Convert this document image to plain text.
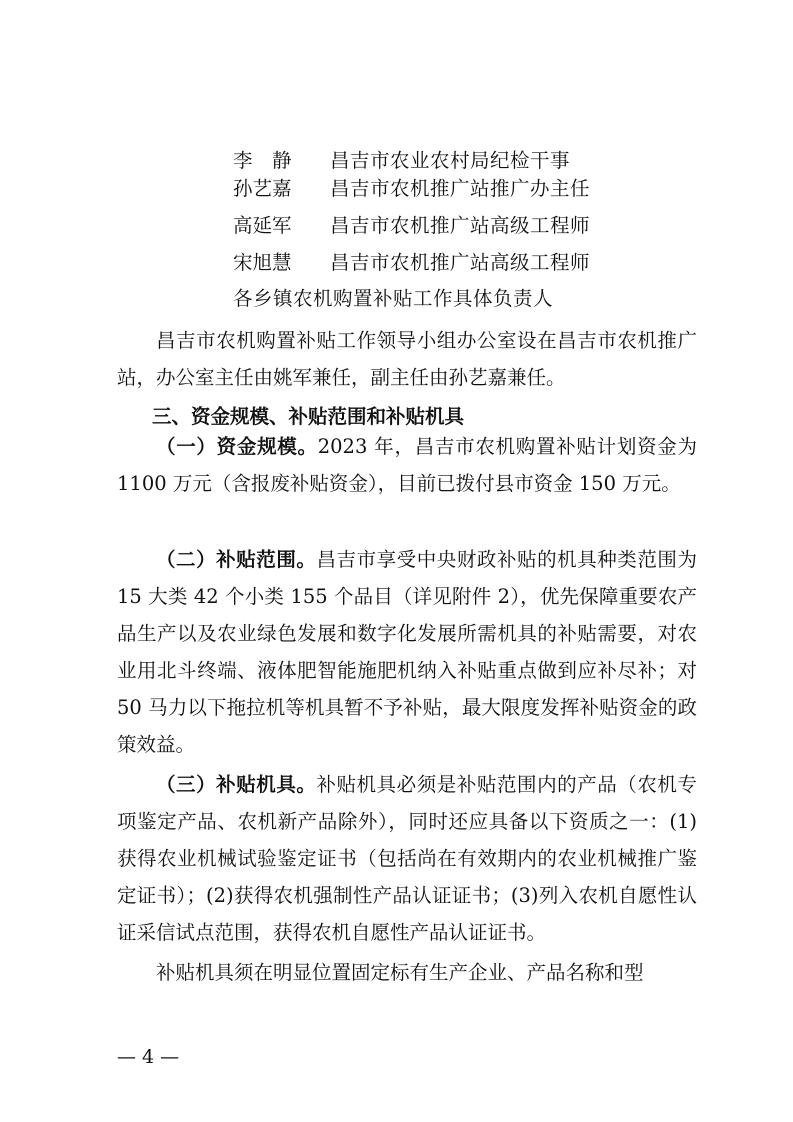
李　静 昌吉市农业农村局纪检干事
孙艺嘉 昌吉市农机推广站推广办主任
高延军 昌吉市农机推广站高级工程师
宋旭慧 昌吉市农机推广站高级工程师
各乡镇农机购置补贴工作具体负责人
昌吉市农机购置补贴工作领导小组办公室设在昌吉市农机推广站，办公室主任由姚军兼任，副主任由孙艺嘉兼任。
三、资金规模、补贴范围和补贴机具
（一）资金规模。2023 年，昌吉市农机购置补贴计划资金为 1100 万元（含报废补贴资金），目前已拨付县市资金 150 万元。
（二）补贴范围。昌吉市享受中央财政补贴的机具种类范围为 15 大类 42 个小类 155 个品目（详见附件 2），优先保障重要农产品生产以及农业绿色发展和数字化发展所需机具的补贴需要，对农业用北斗终端、液体肥智能施肥机纳入补贴重点做到应补尽补；对 50 马力以下拖拉机等机具暂不予补贴，最大限度发挥补贴资金的政策效益。
（三）补贴机具。补贴机具必须是补贴范围内的产品（农机专项鉴定产品、农机新产品除外），同时还应具备以下资质之一：(1)获得农业机械试验鉴定证书（包括尚在有效期内的农业机械推广鉴定证书）；(2)获得农机强制性产品认证证书；(3)列入农机自愿性认证采信试点范围，获得农机自愿性产品认证证书。
补贴机具须在明显位置固定标有生产企业、产品名称和型
— 4 —
